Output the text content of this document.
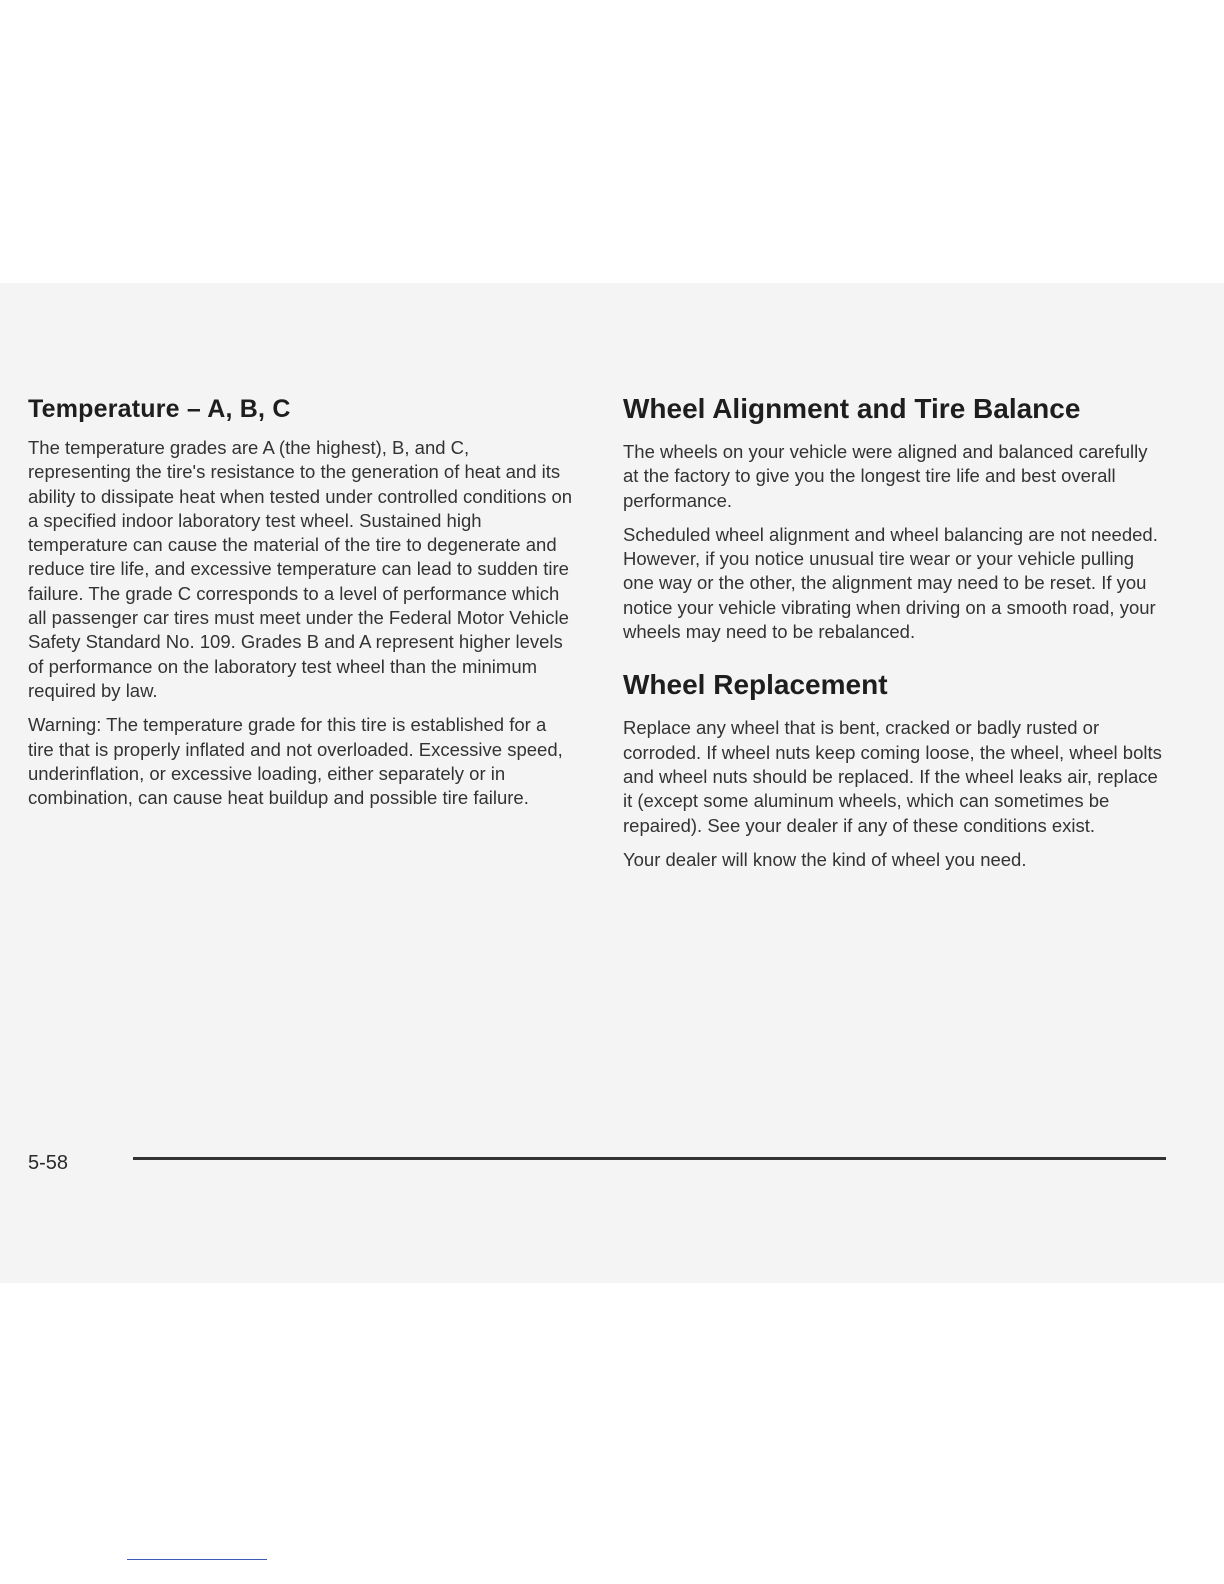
Temperature – A, B, C

The temperature grades are A (the highest), B, and C, representing the tire's resistance to the generation of heat and its ability to dissipate heat when tested under controlled conditions on a specified indoor laboratory test wheel. Sustained high temperature can cause the material of the tire to degenerate and reduce tire life, and excessive temperature can lead to sudden tire failure. The grade C corresponds to a level of performance which all passenger car tires must meet under the Federal Motor Vehicle Safety Standard No. 109. Grades B and A represent higher levels of performance on the laboratory test wheel than the minimum required by law.

Warning: The temperature grade for this tire is established for a tire that is properly inflated and not overloaded. Excessive speed, underinflation, or excessive loading, either separately or in combination, can cause heat buildup and possible tire failure.

Wheel Alignment and Tire Balance

The wheels on your vehicle were aligned and balanced carefully at the factory to give you the longest tire life and best overall performance.

Scheduled wheel alignment and wheel balancing are not needed. However, if you notice unusual tire wear or your vehicle pulling one way or the other, the alignment may need to be reset. If you notice your vehicle vibrating when driving on a smooth road, your wheels may need to be rebalanced.

Wheel Replacement

Replace any wheel that is bent, cracked or badly rusted or corroded. If wheel nuts keep coming loose, the wheel, wheel bolts and wheel nuts should be replaced. If the wheel leaks air, replace it (except some aluminum wheels, which can sometimes be repaired). See your dealer if any of these conditions exist.

Your dealer will know the kind of wheel you need.

5-58
